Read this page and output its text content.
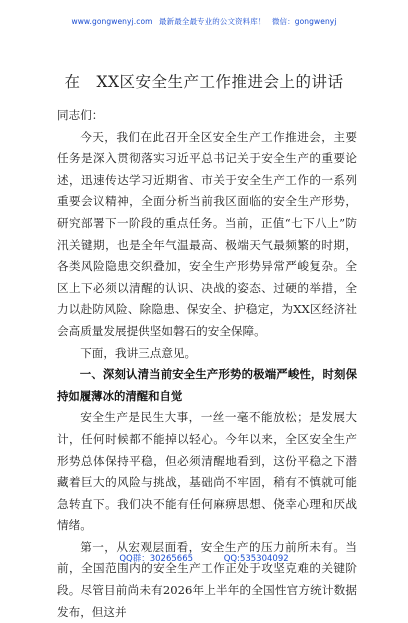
www.gongwenyj.com 最新最全最专业的公文资料库！ 微信：gongwenyj
在　XX区安全生产工作推进会上的讲话

同志们：

今天，我们在此召开全区安全生产工作推进会，主要任务是深入贯彻落实习近平总书记关于安全生产的重要论述，迅速传达学习近期省、市关于安全生产工作的一系列重要会议精神，全面分析当前我区面临的安全生产形势，研究部署下一阶段的重点任务。当前，正值“七下八上”防汛关键期，也是全年气温最高、极端天气最频繁的时期，各类风险隐患交织叠加，安全生产形势异常严峻复杂。全区上下必须以清醒的认识、决战的姿态、过硬的举措，全力以赴防风险、除隐患、保安全、护稳定，为XX区经济社会高质量发展提供坚如磐石的安全保障。

下面，我讲三点意见。

一、深刻认清当前安全生产形势的极端严峻性，时刻保持如履薄冰的清醒和自觉

安全生产是民生大事，一丝一毫不能放松；是发展大计，任何时候都不能掉以轻心。今年以来，全区安全生产形势总体保持平稳，但必须清醒地看到，这份平稳之下潜藏着巨大的风险与挑战，基础尚不牢固，稍有不慎就可能急转直下。我们决不能有任何麻痹思想、侥幸心理和厌战情绪。

第一，从宏观层面看，安全生产的压力前所未有。当前，全国范围内的安全生产工作正处于攻坚克难的关键阶段。尽管目前尚未有2026年上半年的全国性官方统计数据发布，但这并

QQ群：30265665	QQ:535304092
